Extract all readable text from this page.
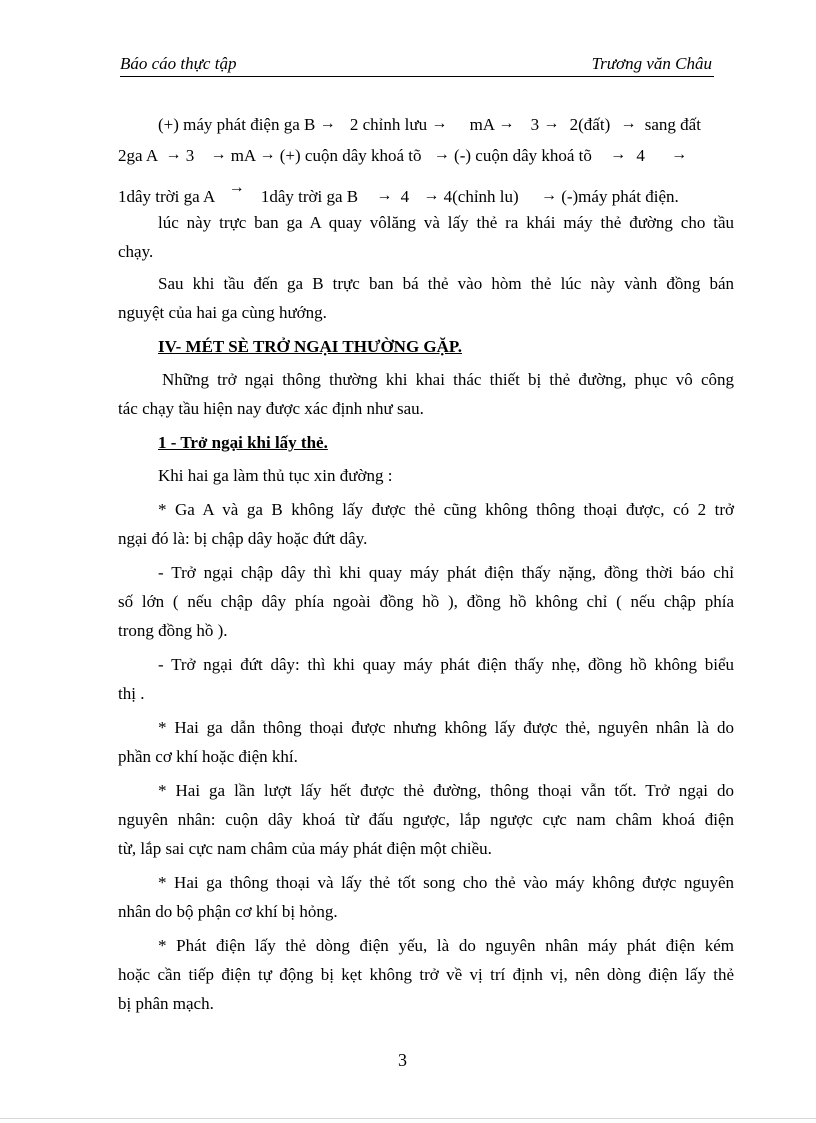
Báo cáo thực tập	Trương văn Châu
(+) máy phát điện ga B → 2 chỉnh lưu → mA → 3 → 2(đất) → sang đất
2ga A → 3 → mA → (+) cuộn dây khoá tõ → (-) cuộn dây khoá tõ → 4 →
1dây trời ga A → 1dây trời ga B → 4 → 4(chỉnh lu) → (-)máy phát điện.
lúc này trực ban ga A quay vôlăng và lấy thẻ ra khái máy thẻ đường cho tầu
chạy.
Sau khi tầu đến ga B trực ban bá thẻ vào hòm thẻ lúc này vành đồng bán
nguyệt của hai ga cùng hướng.
IV- MÉT SÈ TRỞ NGẠI THƯỜNG GẶP.
Những trở ngại thông thường khi khai thác thiết bị thẻ đường, phục vô công
tác chạy tầu hiện nay được xác định như sau.
1 - Trở ngại khi lấy thẻ.
Khi hai ga làm thủ tục xin đường :
* Ga A và ga B không lấy được thẻ cũng không thông thoại được, có 2 trở
ngại đó là: bị chập dây hoặc đứt dây.
- Trở ngại chập dây thì khi quay máy phát điện thấy nặng, đồng thời báo chỉ
số lớn ( nếu chập dây phía ngoài đồng hồ ), đồng hồ không chỉ ( nếu chập phía
trong đồng hồ ).
- Trở ngại đứt dây: thì khi quay máy phát điện thấy nhẹ, đồng hồ không biểu
thị .
* Hai ga dẫn thông thoại được nhưng không lấy được thẻ, nguyên nhân là do
phần cơ khí hoặc điện khí.
* Hai ga lần lượt lấy hết được thẻ đường, thông thoại vẫn tốt. Trở ngại do
nguyên nhân: cuộn dây khoá từ đấu ngược, lắp ngược cực nam châm khoá điện
từ, lắp sai cực nam châm của máy phát điện một chiều.
* Hai ga thông thoại và lấy thẻ tốt song cho thẻ vào máy không được nguyên
nhân do bộ phận cơ khí bị hỏng.
* Phát điện lấy thẻ dòng điện yếu, là do nguyên nhân máy phát điện kém
hoặc cần tiếp điện tự động bị kẹt không trở về vị trí định vị, nên dòng điện lấy thẻ
bị phân mạch.
3
